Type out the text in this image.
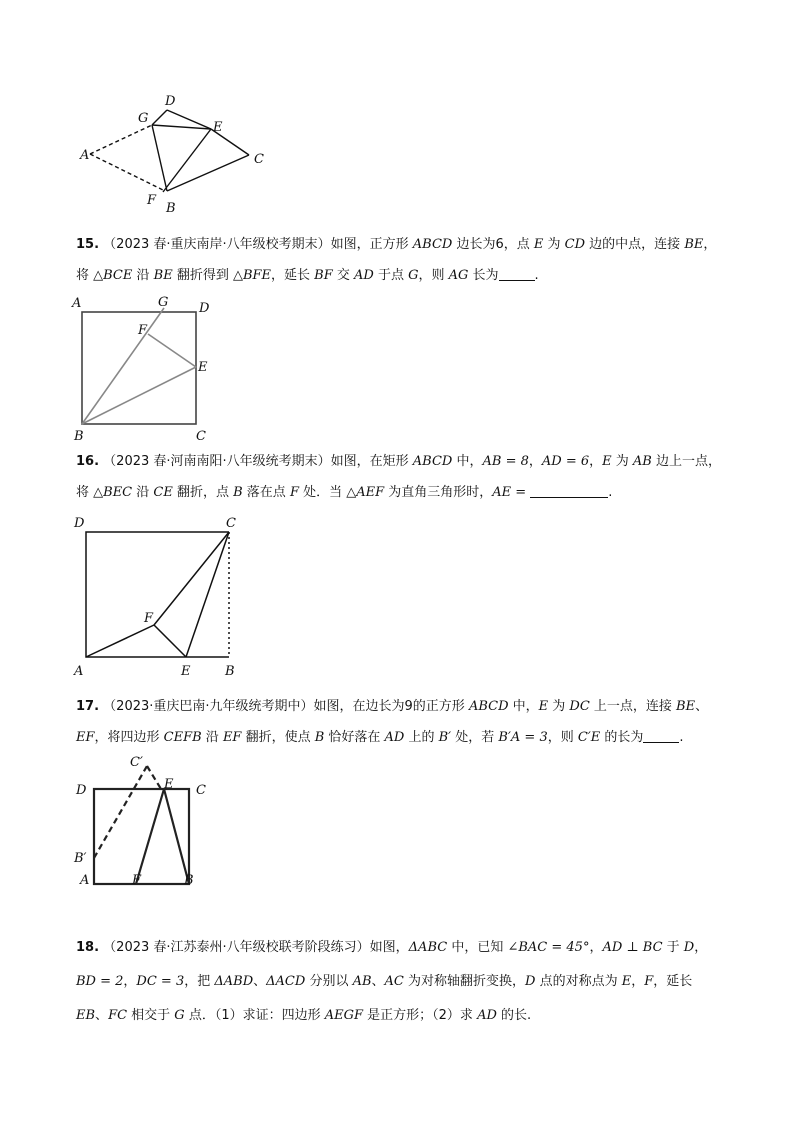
A
G
D
E
C
F
B
15. （2023 春·重庆南岸·八年级校考期末）如图，正方形 ABCD 边长为6，点 E 为 CD 边的中点，连接 BE，
将 △BCE 沿 BE 翻折得到 △BFE，延长 BF 交 AD 于点 G，则 AG 长为	.
A	G D
F
E
B	C
16. （2023 春·河南南阳·八年级统考期末）如图，在矩形 ABCD 中，AB = 8，AD = 6，E 为 AB 边上一点，
将 △BEC 沿 CE 翻折，点 B 落在点 F 处．当 △AEF 为直角三角形时，AE =	.
D	C
F
A	E	B
17. （2023·重庆巴南·九年级统考期中）如图，在边长为9的正方形 ABCD 中，E 为 DC 上一点，连接 BE、
EF，将四边形 CEFB 沿 EF 翻折，使点 B 恰好落在 AD 上的 B′ 处，若 B′A = 3，则 C′E 的长为	.
C′
E
D	C
B′
A	F	B
18. （2023 春·江苏泰州·八年级校联考阶段练习）如图，ΔABC 中，已知 ∠BAC = 45°，AD ⊥ BC 于 D，
BD = 2，DC = 3，把 ΔABD、ΔACD 分别以 AB、AC 为对称轴翻折变换，D 点的对称点为 E，F，延长
EB、FC 相交于 G 点．（1）求证：四边形 AEGF 是正方形；（2）求 AD 的长.
